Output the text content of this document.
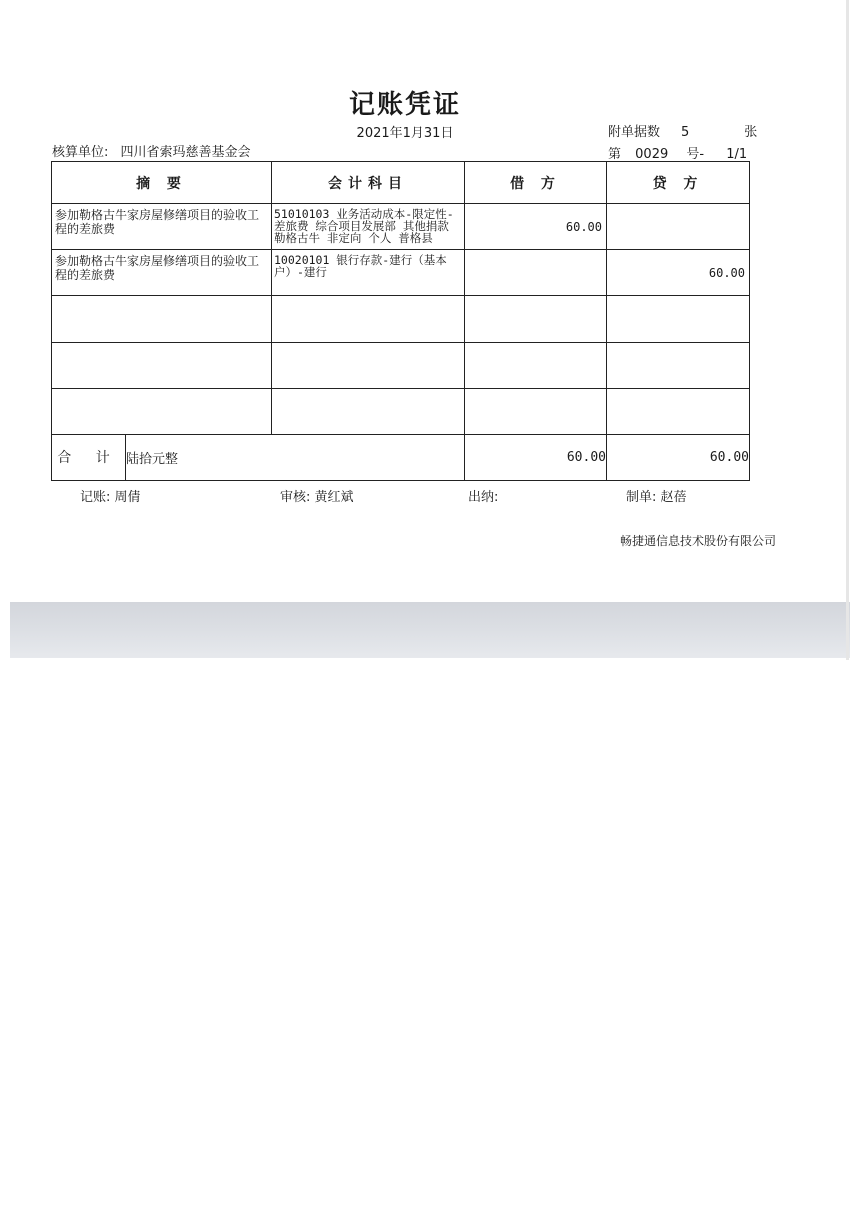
记账凭证
2021年1月31日	附单据数 5	张
核算单位: 四川省索玛慈善基金会	第 0029 号- 1/1
摘 要		会计科目	借 方	贷 方

参加勒格古牛家房屋修缮项目的验收工程的差旅费		51010103 业务活动成本-限定性-差旅费 综合项目发展部 其他捐款 勒格古牛 非定向 个人 普格县	60.00	

参加勒格古牛家房屋修缮项目的验收工程的差旅费		10020101 银行存款-建行（基本户）-建行		60.00

合 计	陆拾元整		60.00	60.00
记账: 周倩	审核: 黄红斌	出纳:	制单: 赵蓓
畅捷通信息技术股份有限公司
